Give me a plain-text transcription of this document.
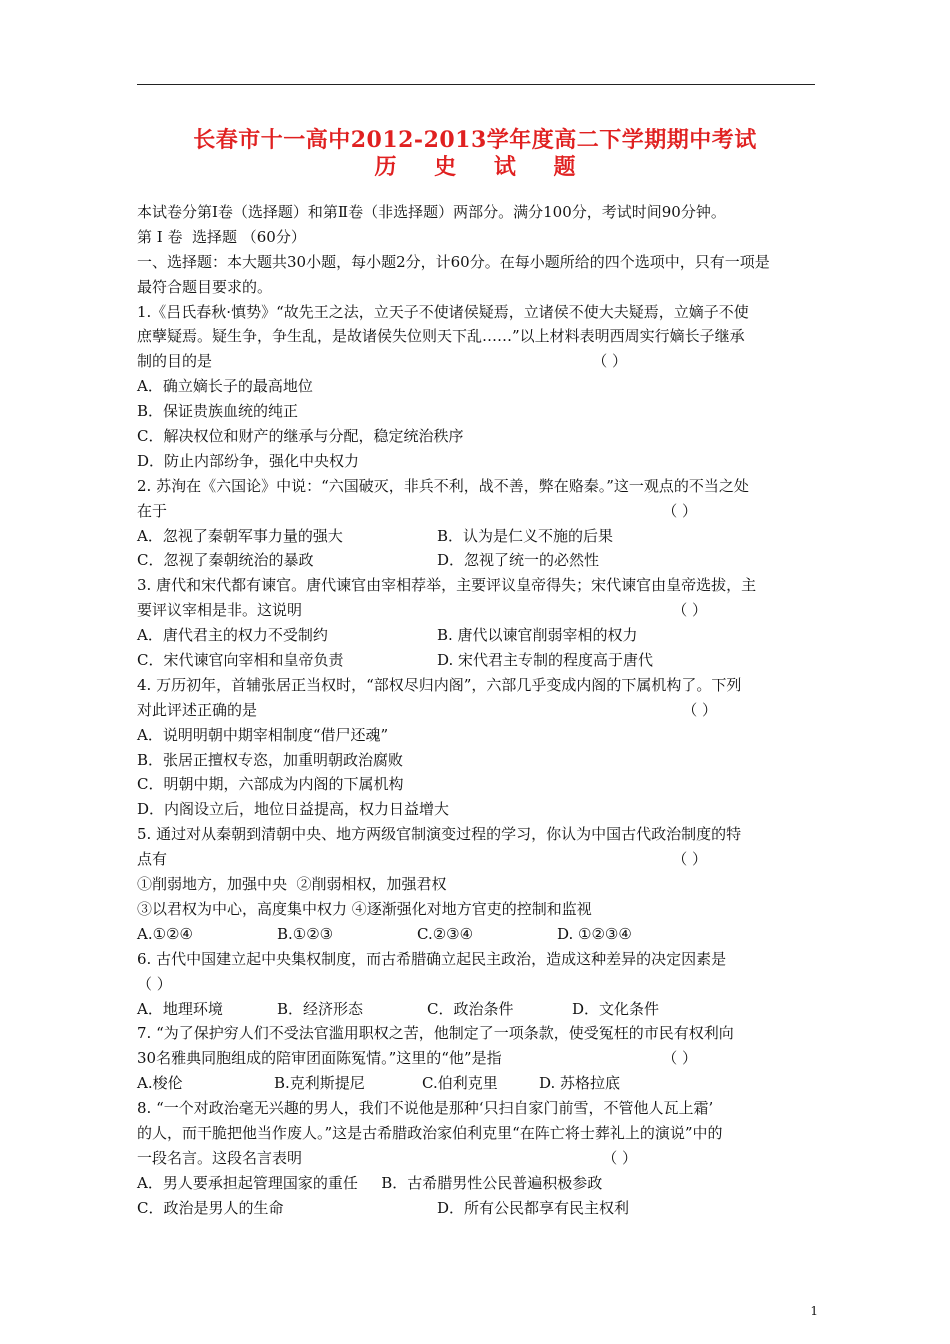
长春市十一高中2012-2013学年度高二下学期期中考试
历 史 试 题
本试卷分第Ⅰ卷（选择题）和第Ⅱ卷（非选择题）两部分。满分100分，考试时间90分钟。
第 Ⅰ 卷  选择题 （60分）
一、选择题：本大题共30小题，每小题2分，计60分。在每小题所给的四个选项中，只有一项是
最符合题目要求的。
1.《吕氏春秋·慎势》“故先王之法，立天子不使诸侯疑焉，立诸侯不使大夫疑焉，立嫡子不使
庶孽疑焉。疑生争，争生乱，是故诸侯失位则天下乱……”以上材料表明西周实行嫡长子继承
制的目的是	（ ）
A．确立嫡长子的最高地位
B．保证贵族血统的纯正
C．解决权位和财产的继承与分配，稳定统治秩序
D．防止内部纷争，强化中央权力
2. 苏洵在《六国论》中说：“六国破灭，非兵不利，战不善，弊在赂秦。”这一观点的不当之处
在于	（ ）
A．忽视了秦朝军事力量的强大	B．认为是仁义不施的后果
C．忽视了秦朝统治的暴政	D．忽视了统一的必然性
3. 唐代和宋代都有谏官。唐代谏官由宰相荐举，主要评议皇帝得失；宋代谏官由皇帝选拔，主
要评议宰相是非。这说明	（ ）
A．唐代君主的权力不受制约	B. 唐代以谏官削弱宰相的权力
C．宋代谏官向宰相和皇帝负责	D. 宋代君主专制的程度高于唐代
4. 万历初年，首辅张居正当权时，“部权尽归内阁”，六部几乎变成内阁的下属机构了。下列
对此评述正确的是	（ ）
A．说明明朝中期宰相制度“借尸还魂”
B．张居正擅权专恣，加重明朝政治腐败
C．明朝中期，六部成为内阁的下属机构
D．内阁设立后，地位日益提高，权力日益增大
5. 通过对从秦朝到清朝中央、地方两级官制演变过程的学习，你认为中国古代政治制度的特
点有	（ ）
①削弱地方，加强中央  ②削弱相权，加强君权
③以君权为中心，高度集中权力 ④逐渐强化对地方官吏的控制和监视
A.①②④	B.①②③	C.②③④	D. ①②③④
6. 古代中国建立起中央集权制度，而古希腊确立起民主政治，造成这种差异的决定因素是
（ ）
A．地理环境	B．经济形态	C．政治条件	D．文化条件
7. “为了保护穷人们不受法官滥用职权之苦，他制定了一项条款，使受冤枉的市民有权利向
30名雅典同胞组成的陪审团面陈冤情。”这里的“他”是指	（ ）
A.梭伦	B.克利斯提尼	C.伯利克里	D. 苏格拉底
8. “一个对政治毫无兴趣的男人，我们不说他是那种‘只扫自家门前雪，不管他人瓦上霜’
的人，而干脆把他当作废人。”这是古希腊政治家伯利克里“在阵亡将士葬礼上的演说”中的
一段名言。这段名言表明	（ ）
A．男人要承担起管理国家的重任	B．古希腊男性公民普遍积极参政
C．政治是男人的生命	D．所有公民都享有民主权利
1
